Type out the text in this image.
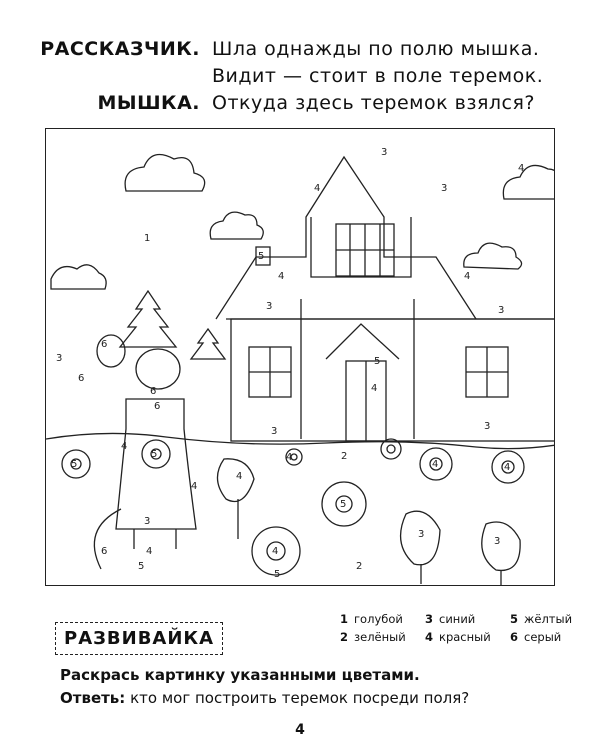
РАССКАЗЧИК. Шла однажды по полю мышка.
Видит — стоит в поле теремок.
МЫШКА. Откуда здесь теремок взялся?
1
3
4	3
4
5
4	4
3	3
5
4
3
6
6
6
6
4
3
4
4
6
5
5	4	2
5
4
4	4
4
3
3
5
5
2
3
3
РАЗВИВАЙКА
1 голубой 3 синий	5 жёлтый
2 зелёный 4 красный 6 серый
Раскрась картинку указанными цветами.
Ответь: кто мог построить теремок посреди поля?
4
